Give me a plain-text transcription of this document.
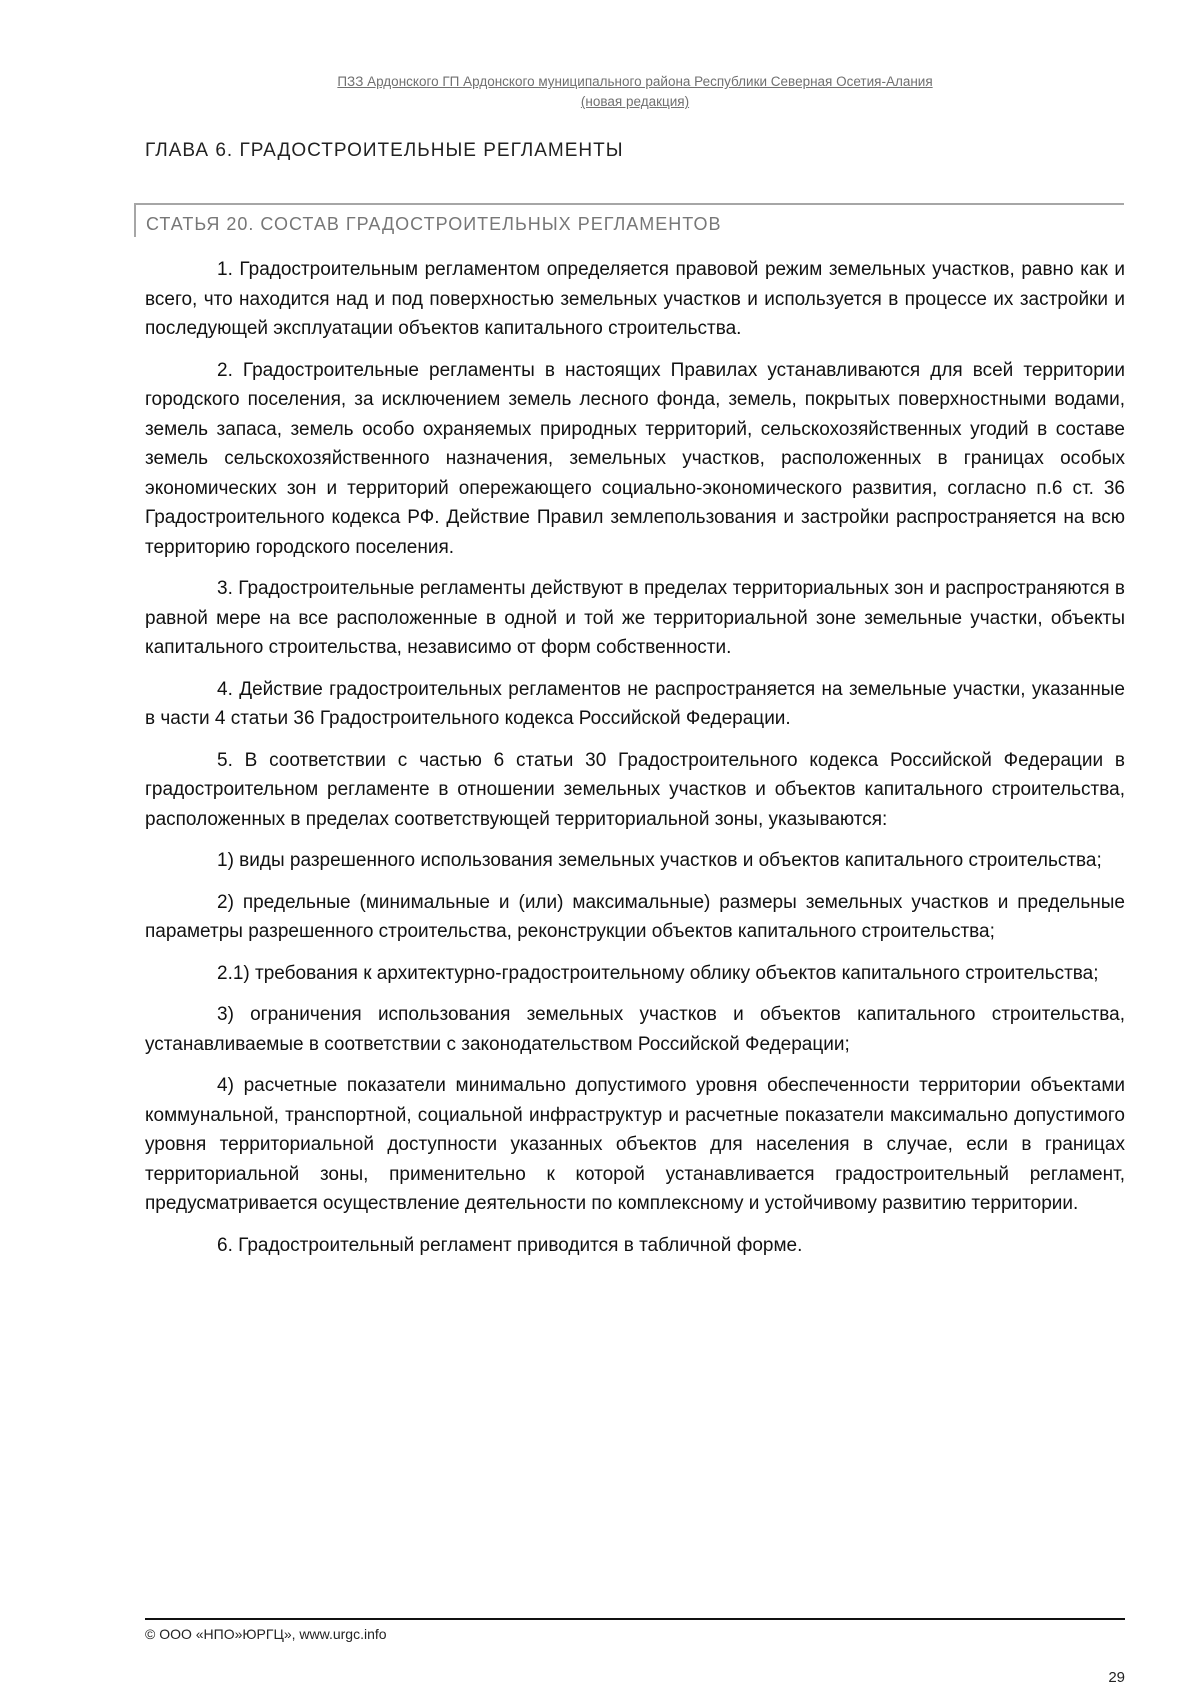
ПЗЗ Ардонского ГП Ардонского муниципального района Республики Северная Осетия-Алания
(новая редакция)
ГЛАВА 6. ГРАДОСТРОИТЕЛЬНЫЕ РЕГЛАМЕНТЫ
СТАТЬЯ 20. СОСТАВ ГРАДОСТРОИТЕЛЬНЫХ РЕГЛАМЕНТОВ

1. Градостроительным регламентом определяется правовой режим земельных участков, равно как и всего, что находится над и под поверхностью земельных участков и используется в процессе их застройки и последующей эксплуатации объектов капитального строительства.

2. Градостроительные регламенты в настоящих Правилах устанавливаются для всей территории городского поселения, за исключением земель лесного фонда, земель, покрытых поверхностными водами, земель запаса, земель особо охраняемых природных территорий, сельскохозяйственных угодий в составе земель сельскохозяйственного назначения, земельных участков, расположенных в границах особых экономических зон и территорий опережающего социально-экономического развития, согласно п.6 ст. 36 Градостроительного кодекса РФ. Действие Правил землепользования и застройки распространяется на всю территорию городского поселения.

3. Градостроительные регламенты действуют в пределах территориальных зон и распространяются в равной мере на все расположенные в одной и той же территориальной зоне земельные участки, объекты капитального строительства, независимо от форм собственности.

4. Действие градостроительных регламентов не распространяется на земельные участки, указанные в части 4 статьи 36 Градостроительного кодекса Российской Федерации.

5. В соответствии с частью 6 статьи 30 Градостроительного кодекса Российской Федерации в градостроительном регламенте в отношении земельных участков и объектов капитального строительства, расположенных в пределах соответствующей территориальной зоны, указываются:

1) виды разрешенного использования земельных участков и объектов капитального строительства;

2) предельные (минимальные и (или) максимальные) размеры земельных участков и предельные параметры разрешенного строительства, реконструкции объектов капитального строительства;

2.1) требования к архитектурно-градостроительному облику объектов капитального строительства;

3) ограничения использования земельных участков и объектов капитального строительства, устанавливаемые в соответствии с законодательством Российской Федерации;

4) расчетные показатели минимально допустимого уровня обеспеченности территории объектами коммунальной, транспортной, социальной инфраструктур и расчетные показатели максимально допустимого уровня территориальной доступности указанных объектов для населения в случае, если в границах территориальной зоны, применительно к которой устанавливается градостроительный регламент, предусматривается осуществление деятельности по комплексному и устойчивому развитию территории.

6. Градостроительный регламент приводится в табличной форме.

© ООО «НПО»ЮРГЦ», www.urgc.info
29
